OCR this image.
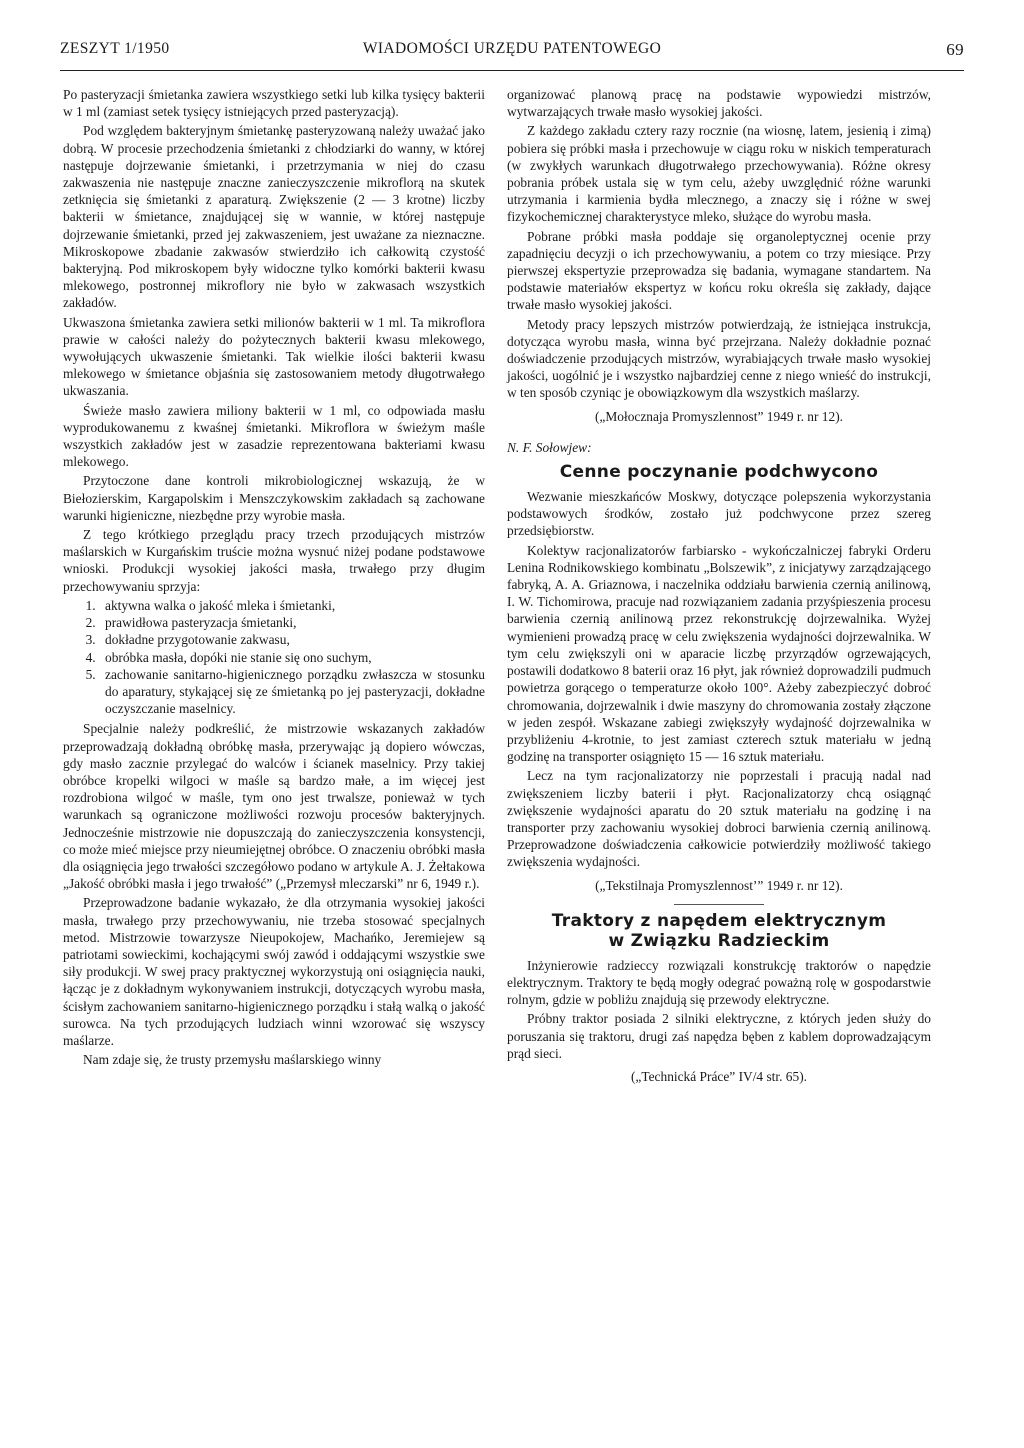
ZESZYT 1/1950	WIADOMOŚCI URZĘDU PATENTOWEGO	69

Po pasteryzacji śmietanka zawiera wszystkiego setki lub kilka tysięcy bakterii w 1 ml (zamiast setek tysięcy istniejących przed pasteryzacją).

Pod względem bakteryjnym śmietankę pasteryzowaną należy uważać jako dobrą. W procesie przechodzenia śmietanki z chłodziarki do wanny, w której następuje dojrzewanie śmietanki, i przetrzymania w niej do czasu zakwaszenia nie następuje znaczne zanieczyszczenie mikroflorą na skutek zetknięcia się śmietanki z aparaturą. Zwiększenie (2 — 3 krotne) liczby bakterii w śmietance, znajdującej się w wannie, w której następuje dojrzewanie śmietanki, przed jej zakwaszeniem, jest uważane za nieznaczne. Mikroskopowe zbadanie zakwasów stwierdziło ich całkowitą czystość bakteryjną. Pod mikroskopem były widoczne tylko komórki bakterii kwasu mlekowego, postronnej mikroflory nie było w zakwasach wszystkich zakładów.

Ukwaszona śmietanka zawiera setki milionów bakterii w 1 ml. Ta mikroflora prawie w całości należy do pożytecznych bakterii kwasu mlekowego, wywołujących ukwaszenie śmietanki. Tak wielkie ilości bakterii kwasu mlekowego w śmietance objaśnia się zastosowaniem metody długotrwałego ukwaszania.

Świeże masło zawiera miliony bakterii w 1 ml, co odpowiada masłu wyprodukowanemu z kwaśnej śmietanki. Mikroflora w świeżym maśle wszystkich zakładów jest w zasadzie reprezentowana bakteriami kwasu mlekowego.

Przytoczone dane kontroli mikrobiologicznej wskazują, że w Biełozierskim, Kargapolskim i Menszczykowskim zakładach są zachowane warunki higieniczne, niezbędne przy wyrobie masła.

Z tego krótkiego przeglądu pracy trzech przodujących mistrzów maślarskich w Kurgańskim truście można wysnuć niżej podane podstawowe wnioski. Produkcji wysokiej jakości masła, trwałego przy długim przechowywaniu sprzyja:

1. aktywna walka o jakość mleka i śmietanki,
2. prawidłowa pasteryzacja śmietanki,
3. dokładne przygotowanie zakwasu,
4. obróbka masła, dopóki nie stanie się ono suchym,
5. zachowanie sanitarno-higienicznego porządku zwłaszcza w stosunku do aparatury, stykającej się ze śmietanką po jej pasteryzacji, dokładne oczyszczanie maselnicy.

Specjalnie należy podkreślić, że mistrzowie wskazanych zakładów przeprowadzają dokładną obróbkę masła, przerywając ją dopiero wówczas, gdy masło zacznie przylegać do walców i ścianek maselnicy. Przy takiej obróbce kropelki wilgoci w maśle są bardzo małe, a im więcej jest rozdrobiona wilgoć w maśle, tym ono jest trwalsze, ponieważ w tych warunkach są ograniczone możliwości rozwoju procesów bakteryjnych. Jednocześnie mistrzowie nie dopuszczają do zanieczyszczenia konsystencji, co może mieć miejsce przy nieumiejętnej obróbce. O znaczeniu obróbki masła dla osiągnięcia jego trwałości szczegółowo podano w artykule A. J. Żełtakowa „Jakość obróbki masła i jego trwałość” („Przemysł mleczarski” nr 6, 1949 r.).

Przeprowadzone badanie wykazało, że dla otrzymania wysokiej jakości masła, trwałego przy przechowywaniu, nie trzeba stosować specjalnych metod. Mistrzowie towarzysze Nieupokojew, Machańko, Jeremiejew są patriotami sowieckimi, kochającymi swój zawód i oddającymi wszystkie swe siły produkcji. W swej pracy praktycznej wykorzystują oni osiągnięcia nauki, łącząc je z dokładnym wykonywaniem instrukcji, dotyczących wyrobu masła, ścisłym zachowaniem sanitarno-higienicznego porządku i stałą walką o jakość surowca. Na tych przodujących ludziach winni wzorować się wszyscy maślarze.

Nam zdaje się, że trusty przemysłu maślarskiego winny

organizować planową pracę na podstawie wypowiedzi mistrzów, wytwarzających trwałe masło wysokiej jakości.

Z każdego zakładu cztery razy rocznie (na wiosnę, latem, jesienią i zimą) pobiera się próbki masła i przechowuje w ciągu roku w niskich temperaturach (w zwykłych warunkach długotrwałego przechowywania). Różne okresy pobrania próbek ustala się w tym celu, ażeby uwzględnić różne warunki utrzymania i karmienia bydła mlecznego, a znaczy się i różne w swej fizykochemicznej charakterystyce mleko, służące do wyrobu masła.

Pobrane próbki masła poddaje się organoleptycznej ocenie przy zapadnięciu decyzji o ich przechowywaniu, a potem co trzy miesiące. Przy pierwszej ekspertyzie przeprowadza się badania, wymagane standartem. Na podstawie materiałów ekspertyz w końcu roku określa się zakłady, dające trwałe masło wysokiej jakości.

Metody pracy lepszych mistrzów potwierdzają, że istniejąca instrukcja, dotycząca wyrobu masła, winna być przejrzana. Należy dokładnie poznać doświadczenie przodujących mistrzów, wyrabiających trwałe masło wysokiej jakości, uogólnić je i wszystko najbardziej cenne z niego wnieść do instrukcji, w ten sposób czyniąc je obowiązkowym dla wszystkich maślarzy.

(„Mołocznaja Promyszlennost” 1949 r. nr 12).

N. F. Sołowjew:

Cenne poczynanie podchwycono

Wezwanie mieszkańców Moskwy, dotyczące polepszenia wykorzystania podstawowych środków, zostało już podchwycone przez szereg przedsiębiorstw.

Kolektyw racjonalizatorów farbiarsko - wykończalniczej fabryki Orderu Lenina Rodnikowskiego kombinatu „Bolszewik”, z inicjatywy zarządzającego fabryką, A. A. Griaznowa, i naczelnika oddziału barwienia czernią anilinową, I. W. Tichomirowa, pracuje nad rozwiązaniem zadania przyśpieszenia procesu barwienia czernią anilinową przez rekonstrukcję dojrzewalnika. Wyżej wymienieni prowadzą pracę w celu zwiększenia wydajności dojrzewalnika. W tym celu zwiększyli oni w aparacie liczbę przyrządów ogrzewających, postawili dodatkowo 8 baterii oraz 16 płyt, jak również doprowadzili pudmuch powietrza gorącego o temperaturze około 100°. Ażeby zabezpieczyć dobroć chromowania, dojrzewalnik i dwie maszyny do chromowania zostały złączone w jeden zespół. Wskazane zabiegi zwiększyły wydajność dojrzewalnika w przybliżeniu 4-krotnie, to jest zamiast czterech sztuk materiału w jedną godzinę na transporter osiągnięto 15 — 16 sztuk materiału.

Lecz na tym racjonalizatorzy nie poprzestali i pracują nadal nad zwiększeniem liczby baterii i płyt. Racjonalizatorzy chcą osiągnąć zwiększenie wydajności aparatu do 20 sztuk materiału na godzinę i na transporter przy zachowaniu wysokiej dobroci barwienia czernią anilinową. Przeprowadzone doświadczenia całkowicie potwierdziły możliwość takiego zwiększenia wydajności.

(„Tekstilnaja Promyszlennost’” 1949 r. nr 12).

Traktory z napędem elektrycznym
w Związku Radzieckim

Inżynierowie radzieccy rozwiązali konstrukcję traktorów o napędzie elektrycznym. Traktory te będą mogły odegrać poważną rolę w gospodarstwie rolnym, gdzie w pobliżu znajdują się przewody elektryczne.

Próbny traktor posiada 2 silniki elektryczne, z których jeden służy do poruszania się traktoru, drugi zaś napędza bęben z kablem doprowadzającym prąd sieci.

(„Technická Práce” IV/4 str. 65).
